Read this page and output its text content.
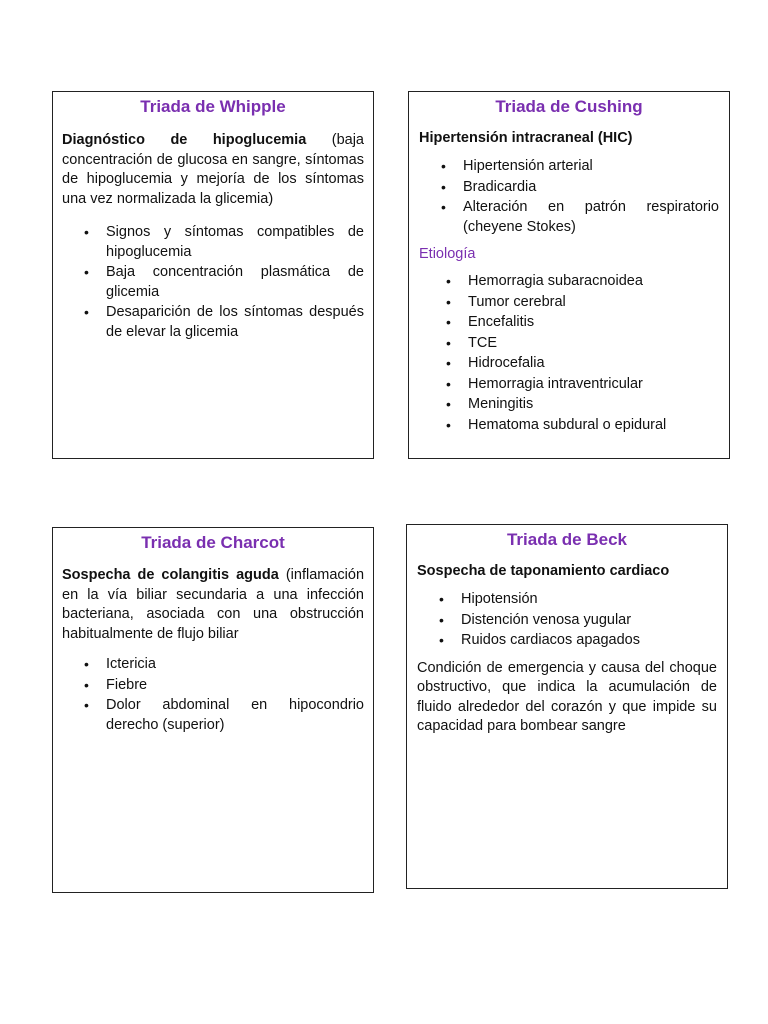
Triada de Whipple

Diagnóstico de hipoglucemia (baja concentración de glucosa en sangre, síntomas de hipoglucemia y mejoría de los síntomas una vez normalizada la glicemia)

• Signos y síntomas compatibles de hipoglucemia
• Baja concentración plasmática de glicemia
• Desaparición de los síntomas después de elevar la glicemia
Triada de Cushing

Hipertensión intracraneal (HIC)

• Hipertensión arterial
• Bradicardia
• Alteración en patrón respiratorio (cheyene Stokes)

Etiología

• Hemorragia subaracnoidea
• Tumor cerebral
• Encefalitis
• TCE
• Hidrocefalia
• Hemorragia intraventricular
• Meningitis
• Hematoma subdural o epidural
Triada de Charcot

Sospecha de colangitis aguda (inflamación en la vía biliar secundaria a una infección bacteriana, asociada con una obstrucción habitualmente de flujo biliar

• Ictericia
• Fiebre
• Dolor abdominal en hipocondrio derecho (superior)
Triada de Beck

Sospecha de taponamiento cardiaco

• Hipotensión
• Distención venosa yugular
• Ruidos cardiacos apagados

Condición de emergencia y causa del choque obstructivo, que indica la acumulación de fluido alrededor del corazón y que impide su capacidad para bombear sangre
